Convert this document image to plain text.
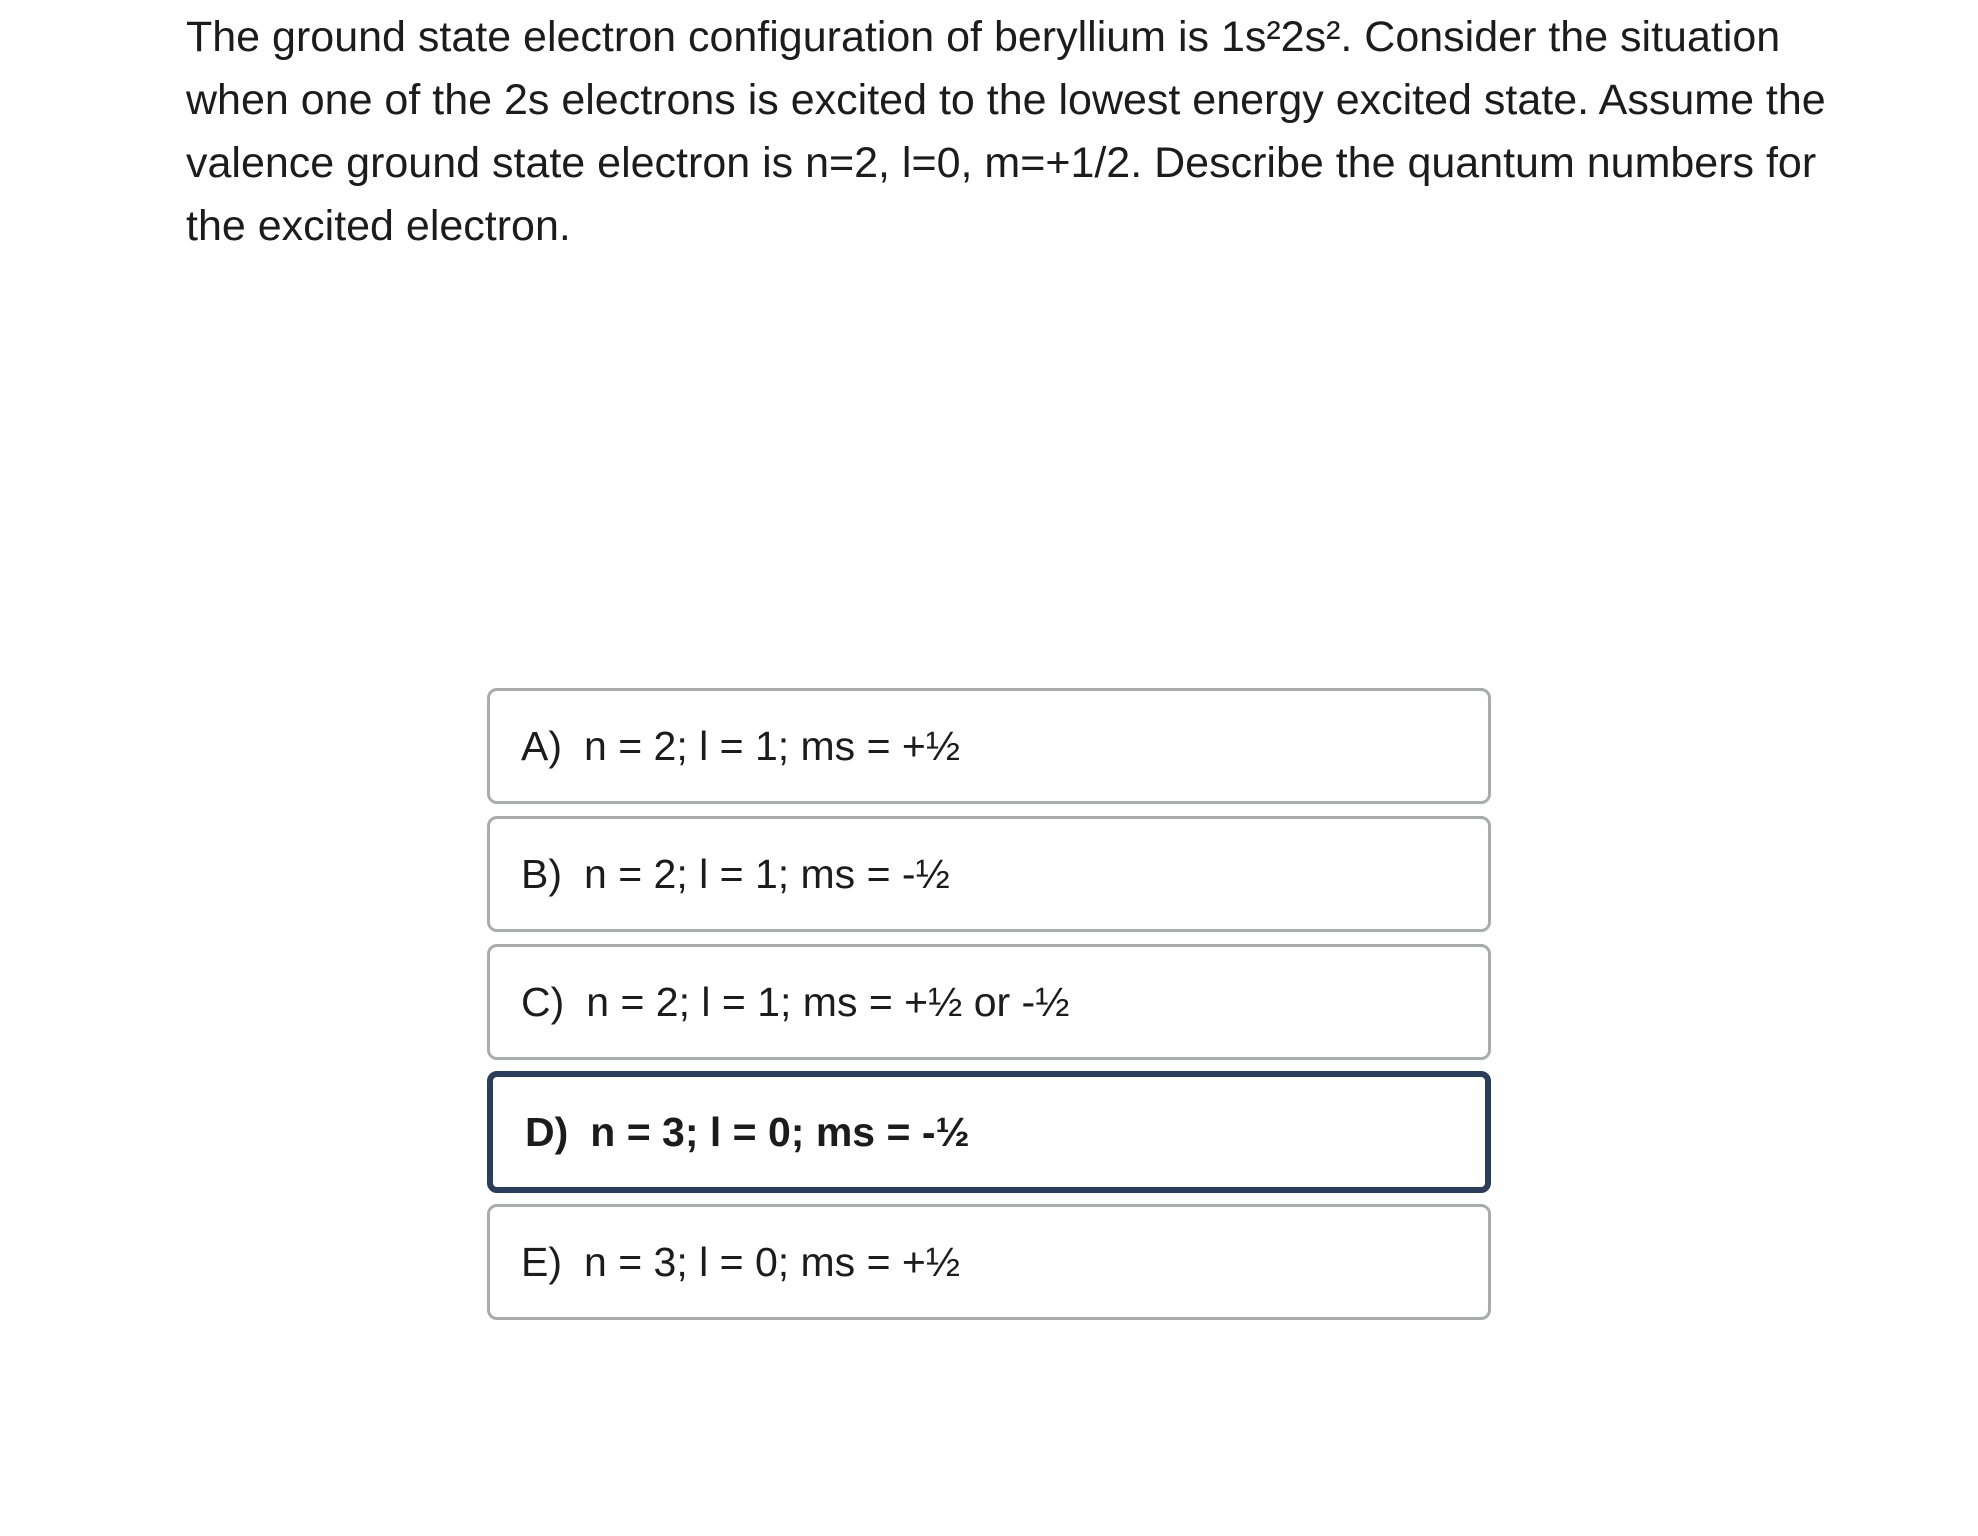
The ground state electron configuration of beryllium is 1s²2s². Consider the situation when one of the 2s electrons is excited to the lowest energy excited state. Assume the valence ground state electron is n=2, l=0, m=+1/2. Describe the quantum numbers for the excited electron.

A) n = 2; l = 1; ms = +½
B) n = 2; l = 1; ms = -½
C) n = 2; l = 1; ms = +½ or -½
D) n = 3; l = 0; ms = -½
E) n = 3; l = 0; ms = +½
